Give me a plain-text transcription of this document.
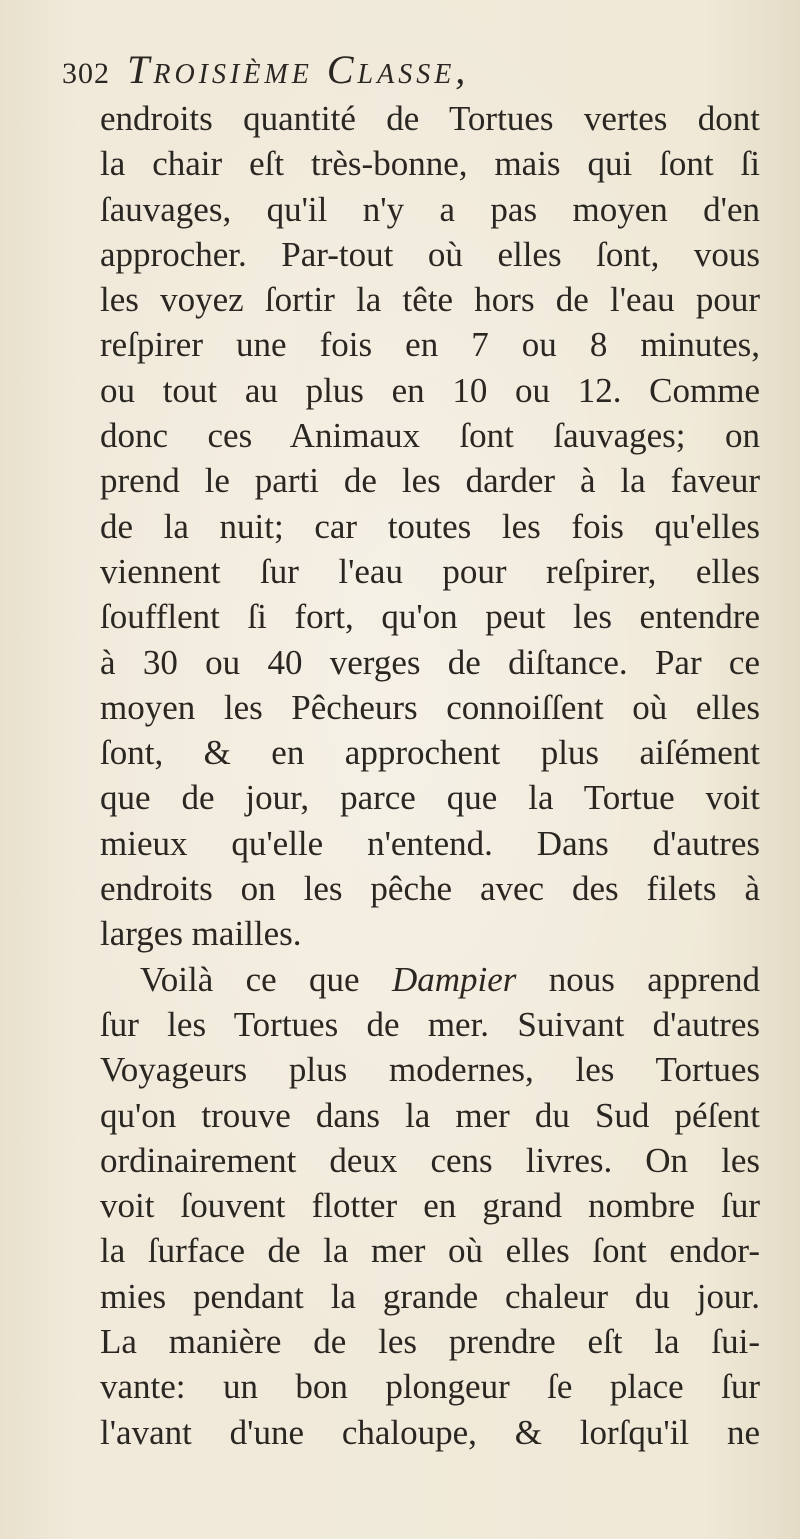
302 Troisième Classe,
endroits quantité de Tortues vertes dont
la chair eſt très-bonne, mais qui ſont ſi
ſauvages, qu'il n'y a pas moyen d'en
approcher. Par-tout où elles ſont, vous
les voyez ſortir la tête hors de l'eau pour
reſpirer une fois en 7 ou 8 minutes,
ou tout au plus en 10 ou 12. Comme
donc ces Animaux ſont ſauvages; on
prend le parti de les darder à la faveur
de la nuit; car toutes les fois qu'elles
viennent ſur l'eau pour reſpirer, elles
ſoufflent ſi fort, qu'on peut les entendre
à 30 ou 40 verges de diſtance. Par ce
moyen les Pêcheurs connoiſſent où elles
ſont, & en approchent plus aiſément
que de jour, parce que la Tortue voit
mieux qu'elle n'entend. Dans d'autres
endroits on les pêche avec des filets à
larges mailles.
Voilà ce que Dampier nous apprend
ſur les Tortues de mer. Suivant d'autres
Voyageurs plus modernes, les Tortues
qu'on trouve dans la mer du Sud péſent
ordinairement deux cens livres. On les
voit ſouvent flotter en grand nombre ſur
la ſurface de la mer où elles ſont endor-
mies pendant la grande chaleur du jour.
La manière de les prendre eſt la ſui-
vante: un bon plongeur ſe place ſur
l'avant d'une chaloupe, & lorſqu'il ne
